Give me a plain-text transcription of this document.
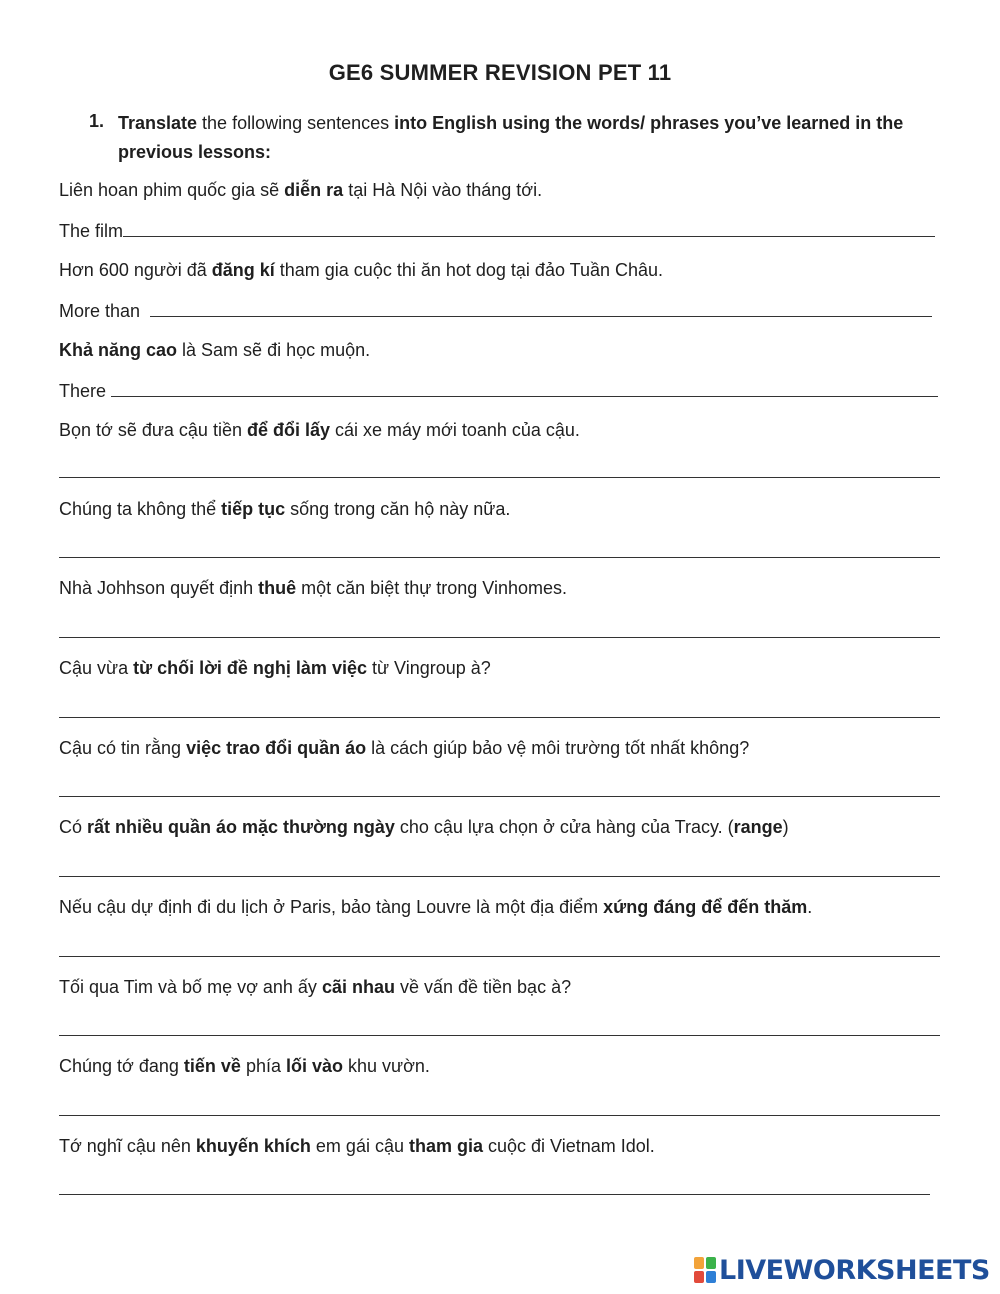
GE6 SUMMER REVISION PET 11
1. Translate the following sentences into English using the words/ phrases you’ve learned in the previous lessons:
Liên hoan phim quốc gia sẽ diễn ra tại Hà Nội vào tháng tới.
The film
Hơn 600 người đã đăng kí tham gia cuộc thi ăn hot dog tại đảo Tuần Châu.
More than
Khả năng cao là Sam sẽ đi học muộn.
There
Bọn tớ sẽ đưa cậu tiền để đổi lấy cái xe máy mới toanh của cậu.
Chúng ta không thể tiếp tục sống trong căn hộ này nữa.
Nhà Johhson quyết định thuê một căn biệt thự trong Vinhomes.
Cậu vừa từ chối lời đề nghị làm việc từ Vingroup à?
Cậu có tin rằng việc trao đổi quần áo là cách giúp bảo vệ môi trường tốt nhất không?
Có rất nhiều quần áo mặc thường ngày cho cậu lựa chọn ở cửa hàng của Tracy. (range)
Nếu cậu dự định đi du lịch ở Paris, bảo tàng Louvre là một địa điểm xứng đáng để đến thăm.
Tối qua Tim và bố mẹ vợ anh ấy cãi nhau về vấn đề tiền bạc à?
Chúng tớ đang tiến về phía lối vào khu vườn.
Tớ nghĩ cậu nên khuyến khích em gái cậu tham gia cuộc đi Vietnam Idol.
LIVEWORKSHEETS
